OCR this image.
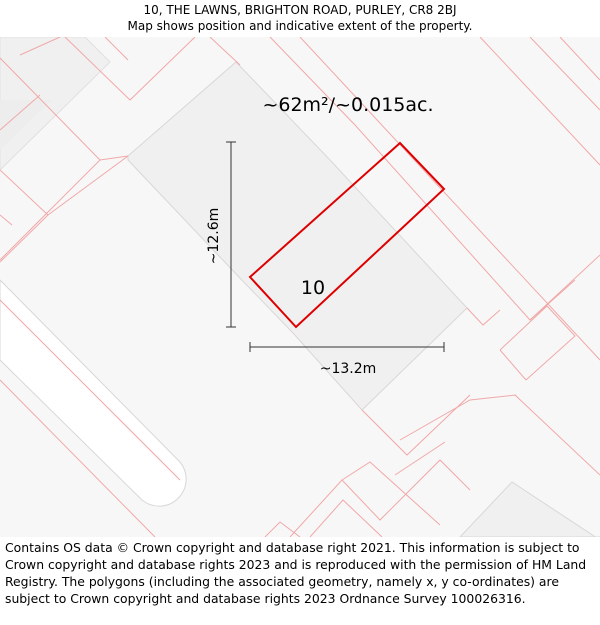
10, THE LAWNS, BRIGHTON ROAD, PURLEY, CR8 2BJ
Map shows position and indicative extent of the property.
~62m²/~0.015ac.
10
~12.6m
~13.2m
Contains OS data © Crown copyright and database right 2021. This information is subject to Crown copyright and database rights 2023 and is reproduced with the permission of HM Land Registry. The polygons (including the associated geometry, namely x, y co-ordinates) are subject to Crown copyright and database rights 2023 Ordnance Survey 100026316.
